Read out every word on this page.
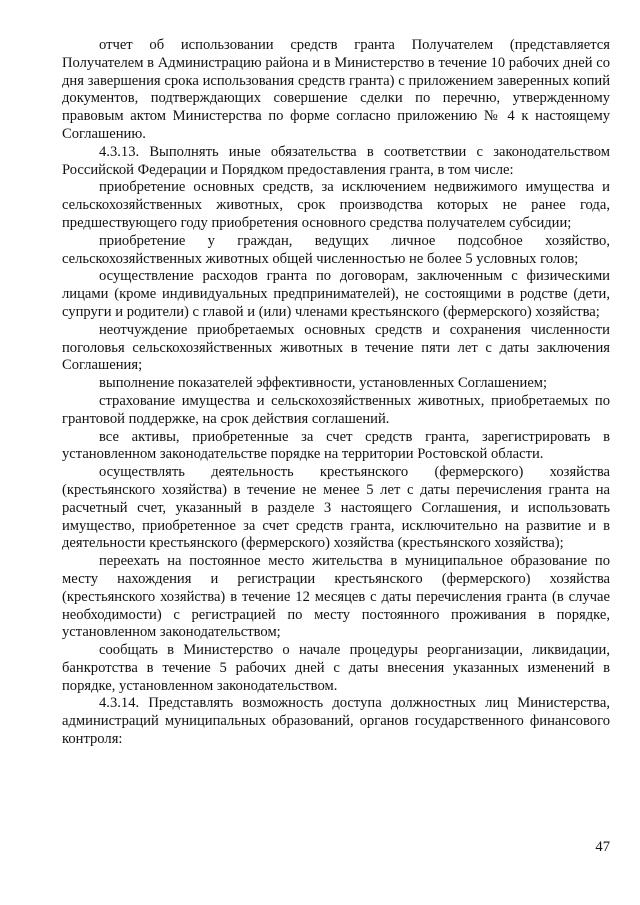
отчет об использовании средств гранта Получателем (представляется Получателем в Администрацию района и в Министерство в течение 10 рабочих дней со дня завершения срока использования средств гранта) с приложением заверенных копий документов, подтверждающих совершение сделки по перечню, утвержденному правовым актом Министерства по форме согласно приложению № 4 к настоящему Соглашению.

4.3.13. Выполнять иные обязательства в соответствии с законодательством Российской Федерации и Порядком предоставления гранта, в том числе:

приобретение основных средств, за исключением недвижимого имущества и сельскохозяйственных животных, срок производства которых не ранее года, предшествующего году приобретения основного средства получателем субсидии;

приобретение у граждан, ведущих личное подсобное хозяйство, сельскохозяйственных животных общей численностью не более 5 условных голов;

осуществление расходов гранта по договорам, заключенным с физическими лицами (кроме индивидуальных предпринимателей), не состоящими в родстве (дети, супруги и родители) с главой и (или) членами крестьянского (фермерского) хозяйства;

неотчуждение приобретаемых основных средств и сохранения численности поголовья сельскохозяйственных животных в течение пяти лет с даты заключения Соглашения;

выполнение показателей эффективности, установленных Соглашением;

страхование имущества и сельскохозяйственных животных, приобретаемых по грантовой поддержке, на срок действия соглашений.

все активы, приобретенные за счет средств гранта, зарегистрировать в установленном законодательстве порядке на территории Ростовской области.

осуществлять деятельность крестьянского (фермерского) хозяйства (крестьянского хозяйства) в течение не менее 5 лет с даты перечисления гранта на расчетный счет, указанный в разделе 3 настоящего Соглашения, и использовать имущество, приобретенное за счет средств гранта, исключительно на развитие и в деятельности крестьянского (фермерского) хозяйства (крестьянского хозяйства);

переехать на постоянное место жительства в муниципальное образование по месту нахождения и регистрации крестьянского (фермерского) хозяйства (крестьянского хозяйства) в течение 12 месяцев с даты перечисления гранта (в случае необходимости) с регистрацией по месту постоянного проживания в порядке, установленном законодательством;

сообщать в Министерство о начале процедуры реорганизации, ликвидации, банкротства в течение 5 рабочих дней с даты внесения указанных изменений в порядке, установленном законодательством.

4.3.14. Представлять возможность доступа должностных лиц Министерства, администраций муниципальных образований, органов государственного финансового контроля:

47
